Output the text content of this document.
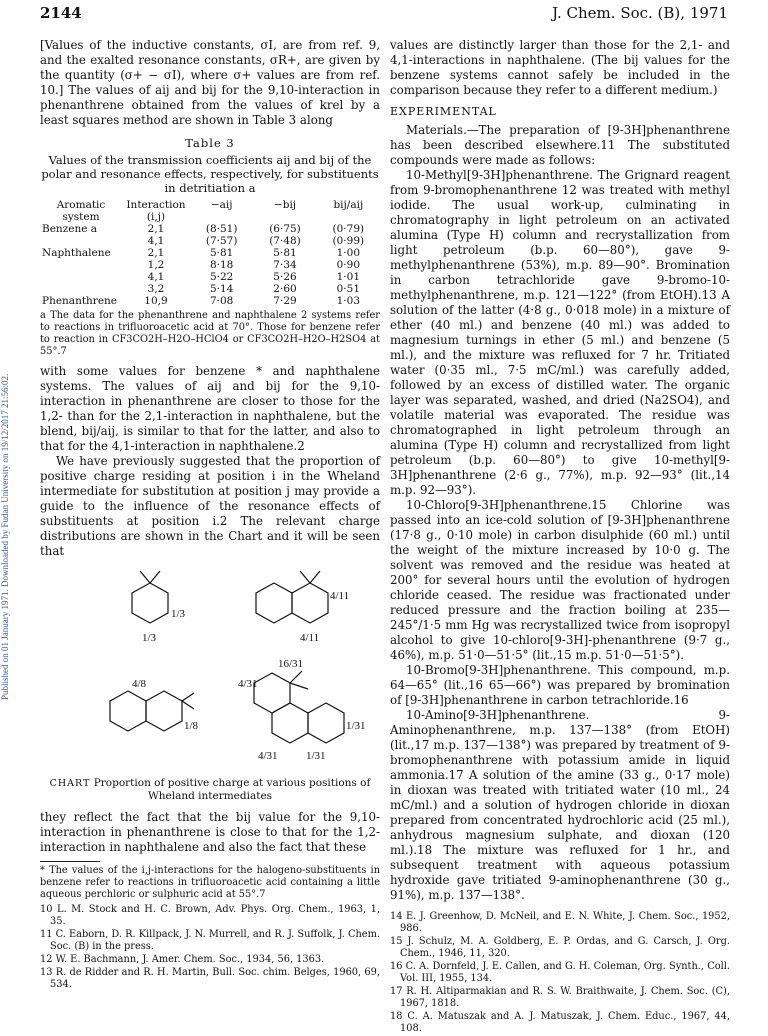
2144	J. Chem. Soc. (B), 1971
Published on 01 January 1971. Downloaded by Fudan University on 19/12/2017 21:56:02.

[Values of the inductive constants, σI, are from ref. 9, and the exalted resonance constants, σR+, are given by the quantity (σ+ − σI), where σ+ values are from ref. 10.] The values of aij and bij for the 9,10-interaction in phenanthrene obtained from the values of krel by a least squares method are shown in Table 3 along

Table 3
Values of the transmission coefficients aij and bij of the polar and resonance effects, respectively, for substituents in detritiation a
Aromatic system	Interaction (i,j)	−aij	−bij	bij/aij
Benzene a	2,1	(8·51)	(6·75)	(0·79)
	4,1	(7·57)	(7·48)	(0·99)
Naphthalene	2,1	5·81	5·81	1·00
	1,2	8·18	7·34	0·90
	4,1	5·22	5·26	1·01
	3,2	5·14	2·60	0·51
Phenanthrene	10,9	7·08	7·29	1·03
a The data for the phenanthrene and naphthalene 2 systems refer to reactions in trifluoroacetic acid at 70°. Those for benzene refer to reaction in CF3CO2H–H2O–HClO4 or CF3CO2H–H2O–H2SO4 at 55°.7

with some values for benzene * and naphthalene systems. The values of aij and bij for the 9,10-interaction in phenanthrene are closer to those for the 1,2- than for the 2,1-interaction in naphthalene, but the blend, bij/aij, is similar to that for the latter, and also to that for the 4,1-interaction in naphthalene.2

We have previously suggested that the proportion of positive charge residing at position i in the Wheland intermediate for substitution at position j may provide a guide to the influence of the resonance effects of substituents at position i.2 The relevant charge distributions are shown in the Chart and it will be seen that

1/3
1/3
4/11
4/11
4/8
1/8
16/31
4/31
1/31
4/31	1/31
CHART Proportion of positive charge at various positions of Wheland intermediates

they reflect the fact that the bij value for the 9,10-interaction in phenanthrene is close to that for the 1,2-interaction in naphthalene and also the fact that these

* The values of the i,j-interactions for the halogeno-substituents in benzene refer to reactions in trifluoroacetic acid containing a little aqueous perchloric or sulphuric acid at 55°.7

10 L. M. Stock and H. C. Brown, Adv. Phys. Org. Chem., 1963, 1, 35.

11 C. Eaborn, D. R. Killpack, J. N. Murrell, and R. J. Suffolk, J. Chem. Soc. (B) in the press.

12 W. E. Bachmann, J. Amer. Chem. Soc., 1934, 56, 1363.

13 R. de Ridder and R. H. Martin, Bull. Soc. chim. Belges, 1960, 69, 534.

values are distinctly larger than those for the 2,1- and 4,1-interactions in naphthalene. (The bij values for the benzene systems cannot safely be included in the comparison because they refer to a different medium.)

EXPERIMENTAL

Materials.—The preparation of [9-3H]phenanthrene has been described elsewhere.11 The substituted compounds were made as follows:

10-Methyl[9-3H]phenanthrene. The Grignard reagent from 9-bromophenanthrene 12 was treated with methyl iodide. The usual work-up, culminating in chromatography in light petroleum on an activated alumina (Type H) column and recrystallization from light petroleum (b.p. 60—80°), gave 9-methylphenanthrene (53%), m.p. 89—90°. Bromination in carbon tetrachloride gave 9-bromo-10-methylphenanthrene, m.p. 121—122° (from EtOH).13 A solution of the latter (4·8 g., 0·018 mole) in a mixture of ether (40 ml.) and benzene (40 ml.) was added to magnesium turnings in ether (5 ml.) and benzene (5 ml.), and the mixture was refluxed for 7 hr. Tritiated water (0·35 ml., 7·5 mC/ml.) was carefully added, followed by an excess of distilled water. The organic layer was separated, washed, and dried (Na2SO4), and volatile material was evaporated. The residue was chromatographed in light petroleum through an alumina (Type H) column and recrystallized from light petroleum (b.p. 60—80°) to give 10-methyl[9-3H]phenanthrene (2·6 g., 77%), m.p. 92—93° (lit.,14 m.p. 92—93°).

10-Chloro[9-3H]phenanthrene.15 Chlorine was passed into an ice-cold solution of [9-3H]phenanthrene (17·8 g., 0·10 mole) in carbon disulphide (60 ml.) until the weight of the mixture increased by 10·0 g. The solvent was removed and the residue was heated at 200° for several hours until the evolution of hydrogen chloride ceased. The residue was fractionated under reduced pressure and the fraction boiling at 235—245°/1·5 mm Hg was recrystallized twice from isopropyl alcohol to give 10-chloro[9-3H]-phenanthrene (9·7 g., 46%), m.p. 51·0—51·5° (lit.,15 m.p. 51·0—51·5°).

10-Bromo[9-3H]phenanthrene. This compound, m.p. 64—65° (lit.,16 65—66°) was prepared by bromination of [9-3H]phenanthrene in carbon tetrachloride.16

10-Amino[9-3H]phenanthrene. 9-Aminophenanthrene, m.p. 137—138° (from EtOH) (lit.,17 m.p. 137—138°) was prepared by treatment of 9-bromophenanthrene with potassium amide in liquid ammonia.17 A solution of the amine (33 g., 0·17 mole) in dioxan was treated with tritiated water (10 ml., 24 mC/ml.) and a solution of hydrogen chloride in dioxan prepared from concentrated hydrochloric acid (25 ml.), anhydrous magnesium sulphate, and dioxan (120 ml.).18 The mixture was refluxed for 1 hr., and subsequent treatment with aqueous potassium hydroxide gave tritiated 9-aminophenanthrene (30 g., 91%), m.p. 137—138°.

14 E. J. Greenhow, D. McNeil, and E. N. White, J. Chem. Soc., 1952, 986.

15 J. Schulz, M. A. Goldberg, E. P. Ordas, and G. Carsch, J. Org. Chem., 1946, 11, 320.

16 C. A. Dornfeld, J. E. Callen, and G. H. Coleman, Org. Synth., Coll. Vol. III, 1955, 134.

17 R. H. Altiparmakian and R. S. W. Braithwaite, J. Chem. Soc. (C), 1967, 1818.

18 C. A. Matuszak and A. J. Matuszak, J. Chem. Educ., 1967, 44, 108.
